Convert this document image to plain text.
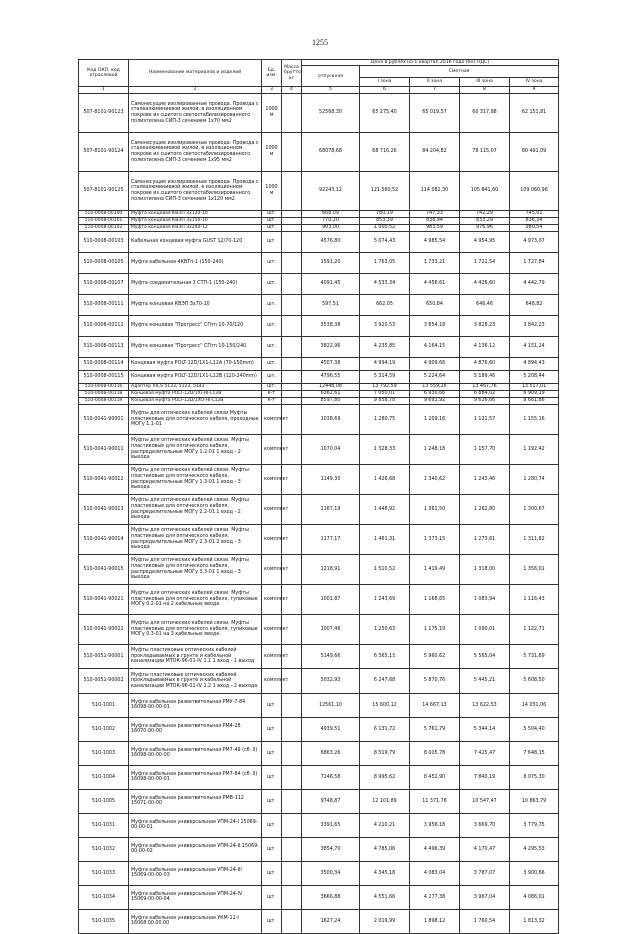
1255
Код ОКП, код отраслевой	Наименование материалов и изделий	Ед. изм.	Масса брутто, кг	Цена в рублях на 1 квартал 2016 года (без НДС)				
				отпускная	Сметная			
					I зона	II зона	III зона	IV зона
1	2	3	4	5	6	7	8	9
507-8101-90123	Самонесущие изолированные провода. Провода с сталеалюминиевой жилой, в изоляционном покрове из сшитого светостабилизированного полиэтилена СИП-3 сечением 1х70 мм2	1000 м		52568,30	65 275,40	65 019,57	60 317,98	62 151,81
507-8101-90124	Самонесущие изолированные провода. Провода с сталеалюминиевой жилой, в изоляционном покрове из сшитого светостабилизированного полиэтилена СИП-3 сечением 1х95 мм2	1000 м		68078,68	68 716,26	84 204,82	78 115,07	80 491,09
507-8101-90125	Самонесущие изолированные провода. Провода с сталеалюминиевой жилой, в изоляционном покрове из сшитого светостабилизированного полиэтилена СИП-3 сечением 1х120 мм2	1000 м		92243,12	121 560,52	114 082,30	105 841,60	109 060,96
510-0008-00100	Муфта концевая КВЭП 3х120-10	шт.		668,09	780,19	747,33	742,29	745,01
510-0008-00101	Муфта концевая КВЭП 3х150-10	шт.		770,20	853,39	838,94	833,29	836,34
510-0008-00102	Муфта концевая КВЭП 3х240-12	шт.		903,00	1 000,52	983,59	976,96	980,54
510-0008-00103	Кабельная концевая муфта GUST 12/70-120	шт.		4576,80	5 074,43	4 985,54	4 954,95	4 973,07
510-0008-00105	Муфта кабельная 4КВТп-1 (150-240)	шт.		1591,20	1 763,05	1 733,21	1 721,54	1 727,84
510-0008-00107	Муфта соединительная 3 СТП-1 (150-240)	шт.		4091,45	4 533,34	4 456,61	4 426,60	4 442,79
510-0008-00111	Муфта концевая КВЭП 3х70-10	шт.		597,51	662,05	650,84	646,46	648,82
510-0008-00112	Муфта концевая "Прогресс" СПтп 10-70/120	шт.		3538,38	3 920,53	3 854,18	3 828,23	3 842,23
510-0008-00113	Муфта концевая "Прогресс" СПтп 10-150/240	шт.		3822,96	4 235,85	4 164,15	4 136,12	4 151,24
510-0008-00114	Концевая муфта POLT-12D/1X1-L12A (70-150mm)	шт.		4507,38	4 994,19	4 909,66	4 876,60	4 894,43
510-0008-00115	Концевая муфта POLT-12D/1X1-L12B (120-240mm)	шт.		4796,55	5 314,59	5 224,64	5 189,46	5 208,44
510-0008-00116	Адаптер RICS 5133, 5123, 5143	шт.		12448,08	13 792,59	13 559,16	13 467,76	13 517,01
510-0008-00118	Концевая муфта POLT-12D/1XI-HI-L12B	к-т		6362,61	7 050,01	6 930,66	6 884,02	6 909,19
510-0008-00119	Концевая муфта POLT-12D/1XO-HI-L12B	к-т		8597,80	9 858,78	9 691,92	9 626,66	9 661,86
510-0041-90001	Муфты для оптических кабелей связи Муфты пластиковые для оптического кабеля, проходные МОГу 1.1-01	комплект		1038,69	1 280,75	1 209,16	1 121,57	1 155,16
510-0041-90011	Муфты для оптических кабелей связи. Муфты пластиковые для оптического кабеля, распределительные МОГу 1.2-01 1 вход - 2 выхода	комплект		1070,04	1 328,33	1 248,18	1 157,70	1 192,42
510-0041-90012	Муфты для оптических кабелей связи. Муфты пластиковые для оптического кабеля, распределительные МОГу 1.3-01 1 вход - 3 выхода	комплект		1149,30	1 426,68	1 340,62	1 243,46	1 280,74
510-0041-90013	Муфты для оптических кабелей связи. Муфты пластиковые для оптического кабеля, распределительные МОГу 2.2-01 1 вход - 2 выхода	комплект		1167,19	1 448,92	1 361,50	1 262,80	1 300,67
510-0041-90014	Муфты для оптических кабелей связи. Муфты пластиковые для оптического кабеля, распределительные МОГу 2.3-01 2 вход - 3 выхода	комплект		1177,17	1 461,31	1 373,15	1 273,61	1 311,82
510-0041-90015	Муфты для оптических кабелей связи. Муфты пластиковые для оптического кабеля, распределительные МОГу 3.3-01 1 вход - 3 выхода	комплект		1218,91	1 510,52	1 419,49	1 318,00	1 356,01
510-0041-90021	Муфты для оптических кабелей связи. Муфты пластиковые для оптического кабеля, тупиковые МОГу 0.2-01 на 2 кабельных ввода	комплект		1001,87	1 243,69	1 168,65	1 083,94	1 116,43
510-0041-90022	Муфты для оптических кабелей связи. Муфты пластиковые для оптического кабеля, тупиковые МОГу 0.3-01 на 3 кабельных ввода	комплект		1007,46	1 250,63	1 175,19	1 090,01	1 122,71
510-0051-90001	Муфты пластиковые оптических кабелей прокладываемых в грунте и кабельной канализации МТОК-96-01-IV 1.1 1 вход - 1 выход	комплект		5149,66	6 365,13	5 960,62	5 565,04	5 731,89
510-0051-90002	Муфты пластиковые оптических кабелей прокладываемых в грунте и кабельной канализации МТОК-96-01-IV 1.2 1 вход - 2 выхода	комплект		5032,93	6 247,68	5 870,76	5 445,21	5 608,50
510-1001	Муфта кабельная разветвительная РМУ-7-84 16098-00-00-01	шт.		12561,10	15 600,12	14 667,13	13 622,53	14 031,06
510-1002	Муфта кабельная разветвительная РМ4-28 16070-00-00	шт.		4939,51	6 131,72	5 761,79	5 344,14	5 504,40
510-1003	Муфта кабельная разветвительная РМ7-49 (сб. II) 16098-00-00-00	шт.		6863,26	8 519,79	8 005,78	7 425,47	7 648,15
510-1004	Муфта кабельная разветвительная РМ7-84 (сб. II) 16098-00-00-01	шт.		7246,58	8 995,62	8 452,90	7 840,19	8 075,30
510-1005	Муфта кабельная разветвительная РМВ-112 15071-00-00	шт.		9748,87	12 101,89	11 371,76	10 547,47	10 863,79
510-1031	Муфта кабельная универсальная УПМ-24-I 15069-00-00-01	шт.		3391,65	4 210,21	3 956,18	3 669,70	3 779,75
510-1032	Муфта кабельная универсальная УПМ-24-II 15069-00-00-02	шт.		3854,70	4 785,06	4 496,39	4 170,47	4 295,53
510-1033	Муфта кабельная универсальная УПМ-24-III 15069-00-00-03	шт.		3500,34	4 345,18	4 083,04	3 787,07	3 900,66
510-1034	Муфта кабельная универсальная УПМ-24-IV 15069-00-00-04	шт.		3666,88	4 551,66	4 277,38	3 967,04	4 086,01
510-1035	Муфта кабельная универсальная УКМ-12-I 16068.00.00.00	шт.		1627,24	2 019,99	1 898,12	1 760,54	1 813,32
